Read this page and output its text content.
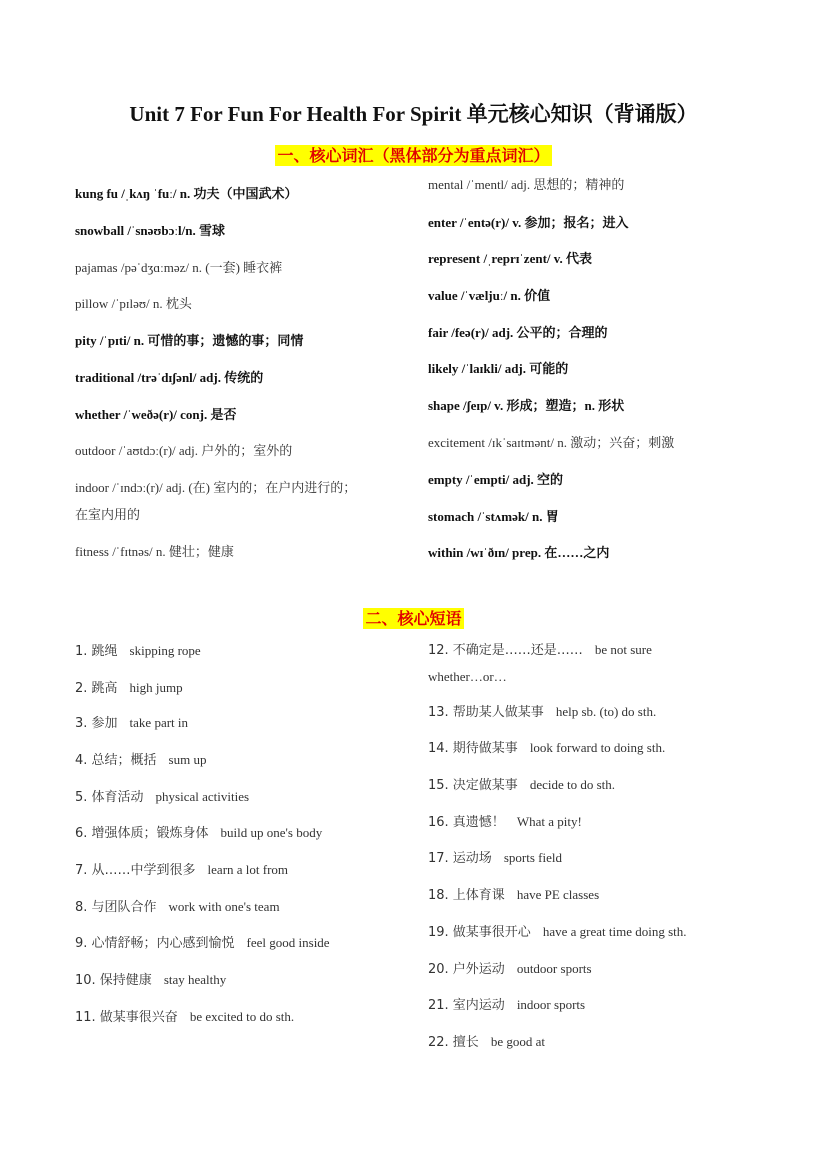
Unit 7 For Fun For Health For Spirit 单元核心知识（背诵版）
一、核心词汇（黑体部分为重点词汇）
kung fu /ˌkʌŋ ˈfuː/ n. 功夫（中国武术）
snowball /ˈsnəʊbɔːl/n. 雪球
pajamas /pəˈdʒɑːməz/ n. (一套) 睡衣裤
pillow /ˈpɪləʊ/ n. 枕头
pity /ˈpɪti/ n. 可惜的事；遗憾的事；同情
traditional /trəˈdɪʃənl/ adj. 传统的
whether /ˈweðə(r)/ conj. 是否
outdoor /ˈaʊtdɔː(r)/ adj. 户外的；室外的
indoor /ˈɪndɔː(r)/ adj. (在) 室内的；在户内进行的；
在室内用的
fitness /ˈfɪtnəs/ n. 健壮；健康
mental /ˈmentl/ adj. 思想的；精神的
enter /ˈentə(r)/ v. 参加；报名；进入
represent /ˌreprɪˈzent/ v. 代表
value /ˈvæljuː/ n. 价值
fair /feə(r)/ adj. 公平的；合理的
likely /ˈlaɪkli/ adj. 可能的
shape /ʃeɪp/ v. 形成；塑造；n. 形状
excitement /ɪkˈsaɪtmənt/ n. 激动；兴奋；刺激
empty /ˈempti/ adj. 空的
stomach /ˈstʌmək/ n. 胃
within /wɪˈðɪn/ prep. 在……之内
二、核心短语
1. 跳绳 skipping rope
2. 跳高 high jump
3. 参加 take part in
4. 总结；概括 sum up
5. 体育活动 physical activities
6. 增强体质；锻炼身体 build up one's body
7. 从……中学到很多 learn a lot from
8. 与团队合作 work with one's team
9. 心情舒畅；内心感到愉悦 feel good inside
10. 保持健康 stay healthy
11. 做某事很兴奋 be excited to do sth.
12. 不确定是……还是…… be not sure
whether…or…
13. 帮助某人做某事 help sb. (to) do sth.
14. 期待做某事 look forward to doing sth.
15. 决定做某事 decide to do sth.
16. 真遗憾！ What a pity!
17. 运动场 sports field
18. 上体育课 have PE classes
19. 做某事很开心 have a great time doing sth.
20. 户外运动 outdoor sports
21. 室内运动 indoor sports
22. 擅长 be good at
